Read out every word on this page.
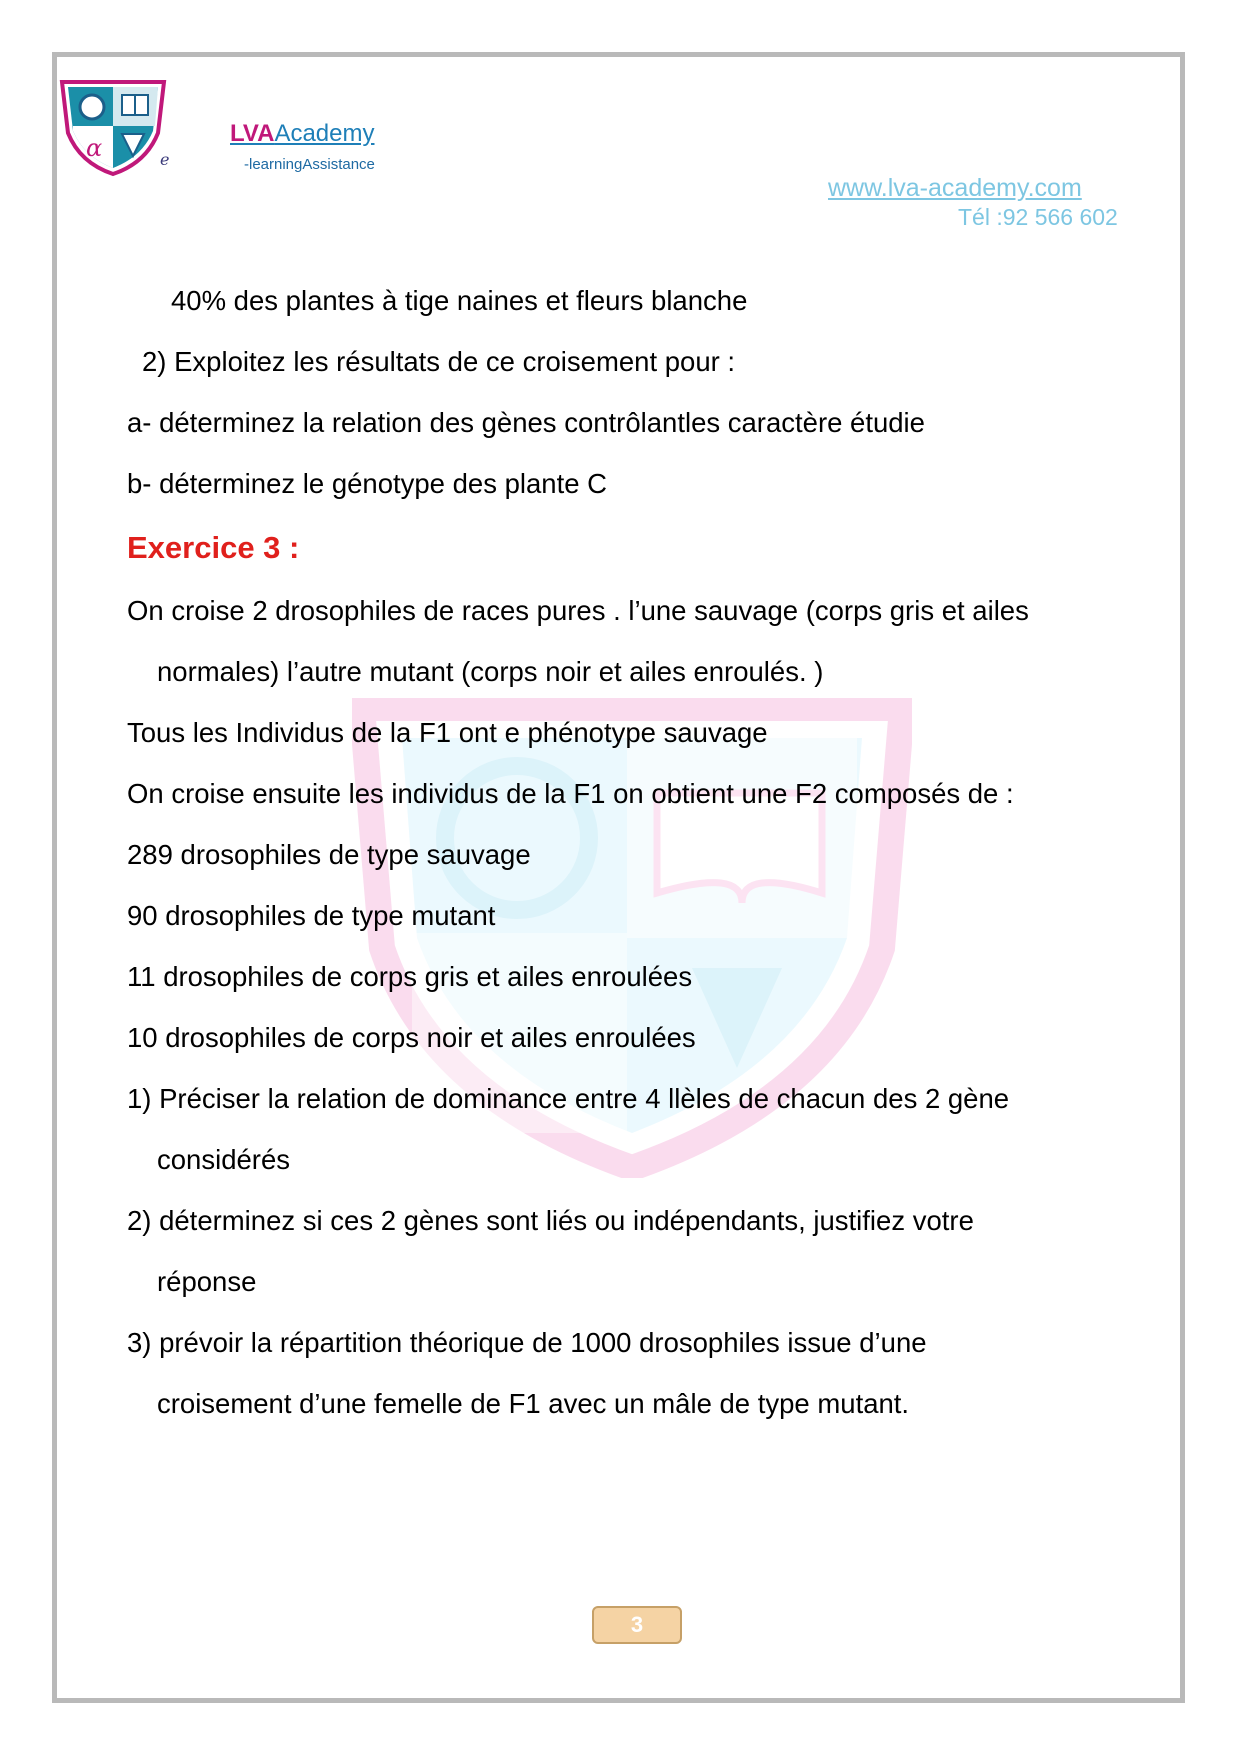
α	e
LVAAcademy
-learningAssistance
www.lva-academy.com
Tél :92 566 602
40% des plantes à tige naines et fleurs blanche
2) Exploitez les résultats de ce croisement pour :
a- déterminez la relation des gènes contrôlantles caractère étudie
b- déterminez le génotype des plante C
Exercice 3 :
On croise 2 drosophiles de races pures . l’une sauvage (corps gris et ailes
normales) l’autre mutant (corps noir et ailes enroulés. )
Tous les Individus de la F1 ont e phénotype sauvage
On croise ensuite les individus de la F1 on obtient une F2 composés de :
289 drosophiles de type sauvage
90 drosophiles de type mutant
11 drosophiles de corps gris et ailes enroulées
10 drosophiles de corps noir et ailes enroulées
1) Préciser la relation de dominance entre 4 llèles de chacun des 2 gène
considérés
2) déterminez si ces 2 gènes sont liés ou indépendants, justifiez votre
réponse
3) prévoir la répartition théorique de 1000 drosophiles issue d’une
croisement d’une femelle de F1 avec un mâle de type mutant.
3
